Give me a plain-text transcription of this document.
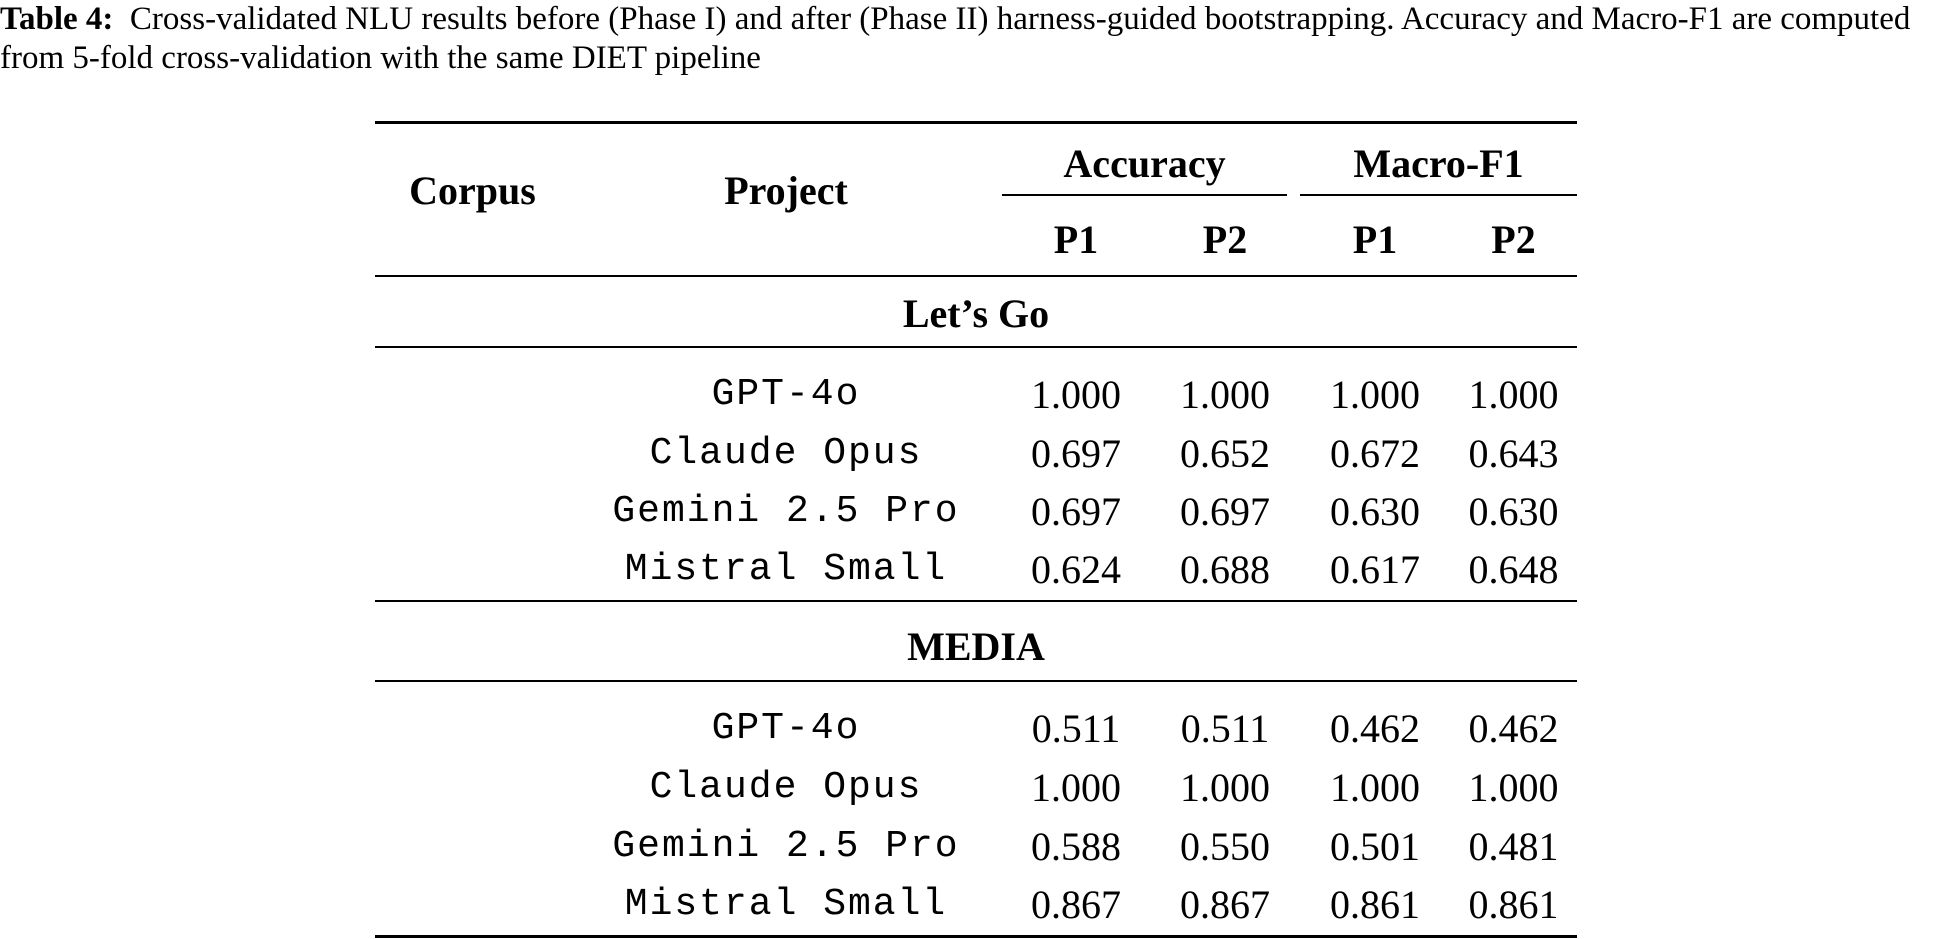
Table 4: Cross-validated NLU results before (Phase I) and after (Phase II) harness-guided bootstrapping. Accuracy and Macro-F1 are computed from 5-fold cross-validation with the same DIET pipeline

Corpus	Project
Accuracy	Macro-F1
P1	P2	P1	P2
Let’s Go
GPT-4o	1.000	1.000	1.000	1.000
Claude Opus	0.697	0.652	0.672	0.643
Gemini 2.5 Pro	0.697	0.697	0.630	0.630
Mistral Small	0.624	0.688	0.617	0.648
MEDIA
GPT-4o	0.511	0.511	0.462	0.462
Claude Opus	1.000	1.000	1.000	1.000
Gemini 2.5 Pro	0.588	0.550	0.501	0.481
Mistral Small	0.867	0.867	0.861	0.861
